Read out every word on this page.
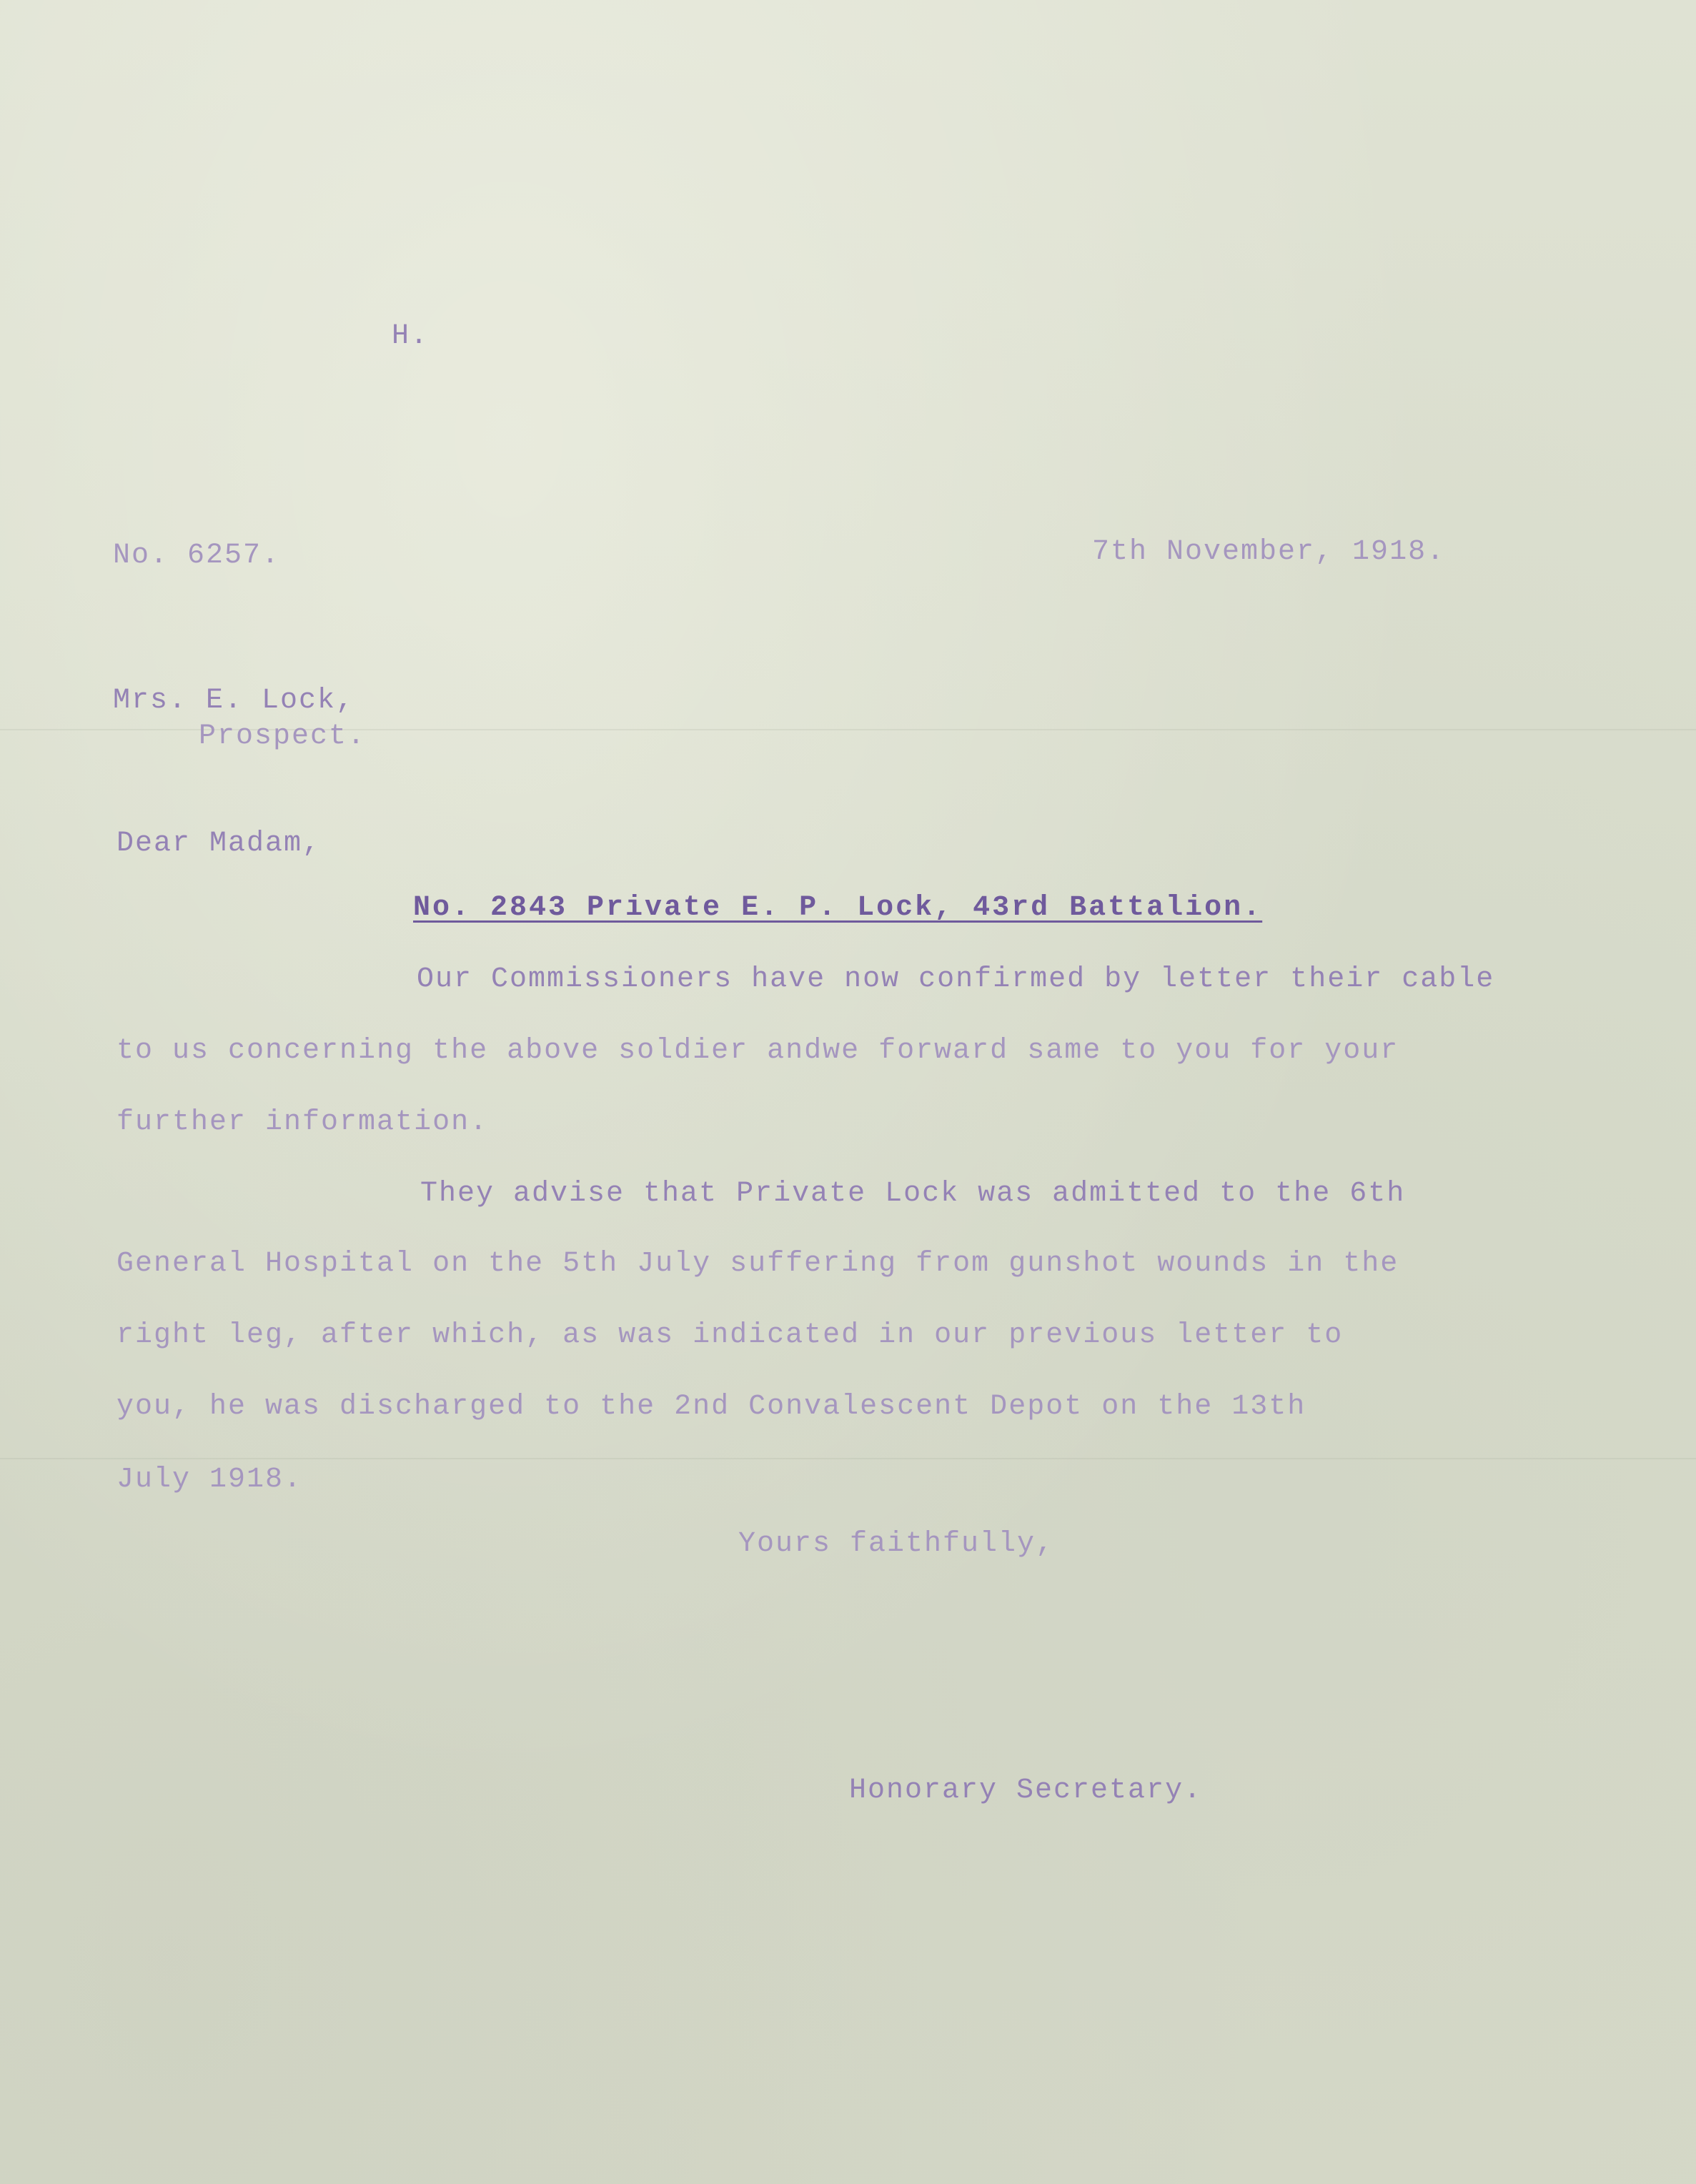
H.

No. 6257.	7th November, 1918.

Mrs. E. Lock,

Prospect.

Dear Madam,

No. 2843 Private E. P. Lock, 43rd Battalion.

Our Commissioners have now confirmed by letter their cable

to us concerning the above soldier andwe forward same to you for your

further information.

They advise that Private Lock was admitted to the 6th

General Hospital on the 5th July suffering from gunshot wounds in the

right leg, after which, as was indicated in our previous letter to

you, he was discharged to the 2nd Convalescent Depot on the 13th

July 1918.

Yours faithfully,

Honorary Secretary.
